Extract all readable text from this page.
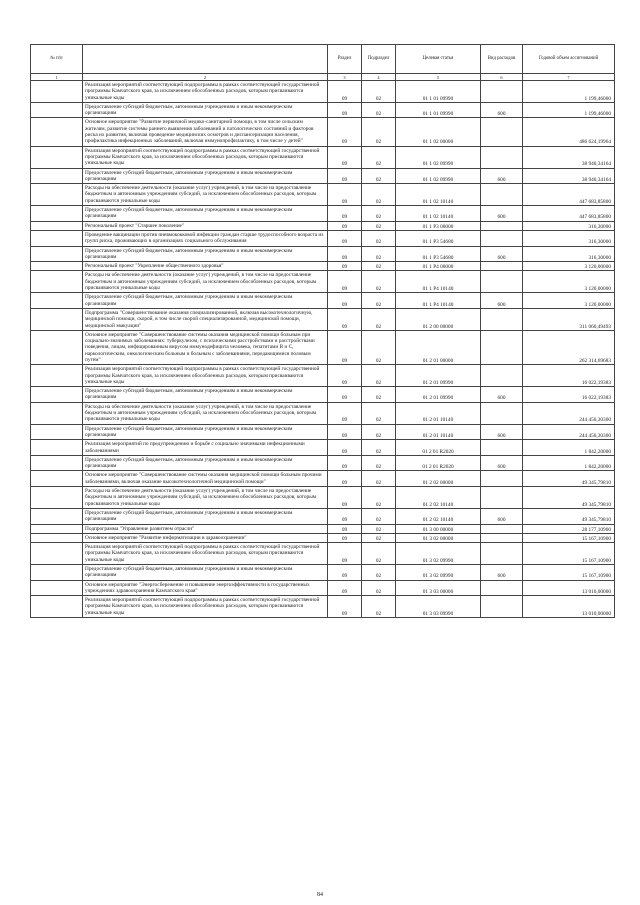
№ п/п		Раздел	Подраздел	Целевая статья	Вид расходов	Годовой объем ассигнований
1	2	3	4	5	6	7
	Реализация мероприятий соответствующей подпрограммы в рамках соответствующей государственной программы Камчатского края, за исключением обособленных расходов, которым присваиваются уникальные коды	09	02	01 1 01 09990		1 199,46000
	Предоставление субсидий бюджетным, автономным учреждениям и иным некоммерческим организациям	09	02	01 1 01 09990	600	1 199,46000
	Основное мероприятие "Развитие первичной медико-санитарной помощи, в том числе сельским жителям, развитие системы раннего выявления заболеваний и патологических состояний и факторов риска их развития, включая проведение медицинских осмотров и диспансеризации населения, профилактика инфекционных заболеваний, включая иммунопрофилактику, в том числе у детей"	09	02	01 1 02 00000		486 624,19964
	Реализация мероприятий соответствующей подпрограммы в рамках соответствующей государственной программы Камчатского края, за исключением обособленных расходов, которым присваиваются уникальные коды	09	02	01 1 02 09990		38 940,34164
	Предоставление субсидий бюджетным, автономным учреждениям и иным некоммерческим организациям	09	02	01 1 02 09990	600	38 940,34164
	Расходы на обеспечение деятельности (оказание услуг) учреждений, в том числе на предоставление бюджетным и автономным учреждениям субсидий, за исключением обособленных расходов, которым присваиваются уникальные коды	09	02	01 1 02 10140		447 683,85800
	Предоставление субсидий бюджетным, автономным учреждениям и иным некоммерческим организациям	09	02	01 1 02 10140	600	447 683,85800
	Региональный проект "Старшее поколение"	09	02	01 1 P3 00000		316,30000
	Проведение вакцинации против пневмококковой инфекции граждан старше трудоспособного возраста из групп риска, проживающих в организациях социального обслуживания	09	02	01 1 P3 54680		316,30000
	Предоставление субсидий бюджетным, автономным учреждениям и иным некоммерческим организациям	09	02	01 1 P3 54680	600	316,30000
	Региональный проект "Укрепление общественного здоровья"	09	02	01 1 P4 00000		3 120,00000
	Расходы на обеспечение деятельности (оказание услуг) учреждений, в том числе на предоставление бюджетным и автономным учреждениям субсидий, за исключением обособленных расходов, которым присваиваются уникальные коды	09	02	01 1 P4 10140		3 120,00000
	Предоставление субсидий бюджетным, автономным учреждениям и иным некоммерческим организациям	09	02	01 1 P4 10140	600	3 120,00000
	Подпрограмма "Совершенствование оказания специализированной, включая высокотехнологичную, медицинской помощи, скорой, в том числе скорой специализированной, медицинской помощи, медицинской эвакуации"	09	02	01 2 00 00000		311 060,49493
	Основное мероприятие "Совершенствование системы оказания медицинской помощи больным при социально-значимых заболеваниях: туберкулезом, с психическими расстройствами и расстройствами поведения, лицам, инфицированным вирусом иммунодефицита человека, гепатитами B и C, наркологическим, онкологическим больным и больным с заболеваниями, передающимися половым путем"	09	02	01 2 01 00000		262 314,69683
	Реализация мероприятий соответствующей подпрограммы в рамках соответствующей государственной программы Камчатского края, за исключением обособленных расходов, которым присваиваются уникальные коды	09	02	01 2 01 09990		16 022,19383
	Предоставление субсидий бюджетным, автономным учреждениям и иным некоммерческим организациям	09	02	01 2 01 09990	600	16 022,19383
	Расходы на обеспечение деятельности (оказание услуг) учреждений, в том числе на предоставление бюджетным и автономным учреждениям субсидий, за исключением обособленных расходов, которым присваиваются уникальные коды	09	02	01 2 01 10140		244 450,30300
	Предоставление субсидий бюджетным, автономным учреждениям и иным некоммерческим организациям	09	02	01 2 01 10140	600	244 450,30300
	Реализация мероприятий по предупреждению и борьбе с социально значимыми инфекционными заболеваниями	09	02	01 2 01 R2020		1 842,20000
	Предоставление субсидий бюджетным, автономным учреждениям и иным некоммерческим организациям	09	02	01 2 01 R2020	600	1 842,20000
	Основное мероприятие "Совершенствование системы оказания медицинской помощи больным прочими заболеваниями, включая оказание высокотехнологичной медицинской помощи"	09	02	01 2 02 00000		49 345,79810
	Расходы на обеспечение деятельности (оказание услуг) учреждений, в том числе на предоставление бюджетным и автономным учреждениям субсидий, за исключением обособленных расходов, которым присваиваются уникальные коды	09	02	01 2 02 10140		49 345,79810
	Предоставление субсидий бюджетным, автономным учреждениям и иным некоммерческим организациям	09	02	01 2 02 10140	600	49 345,79810
	Подпрограмма "Управление развитием отрасли"	09	02	01 3 00 00000		28 177,10900
	Основное мероприятие "Развитие информатизации в здравоохранении"	09	02	01 3 02 00000		15 167,10900
	Реализация мероприятий соответствующей подпрограммы в рамках соответствующей государственной программы Камчатского края, за исключением обособленных расходов, которым присваиваются уникальные коды	09	02	01 3 02 09990		15 167,10900
	Предоставление субсидий бюджетным, автономным учреждениям и иным некоммерческим организациям	09	02	01 3 02 09990	600	15 167,10900
	Основное мероприятие "Энергосбережение и повышение энергоэффективности в государственных учреждениях здравоохранения Камчатского края"	09	02	01 3 03 00000		13 010,00000
	Реализация мероприятий соответствующей подпрограммы в рамках соответствующей государственной программы Камчатского края, за исключением обособленных расходов, которым присваиваются уникальные коды	09	02	01 3 03 09990		13 010,00000
84
